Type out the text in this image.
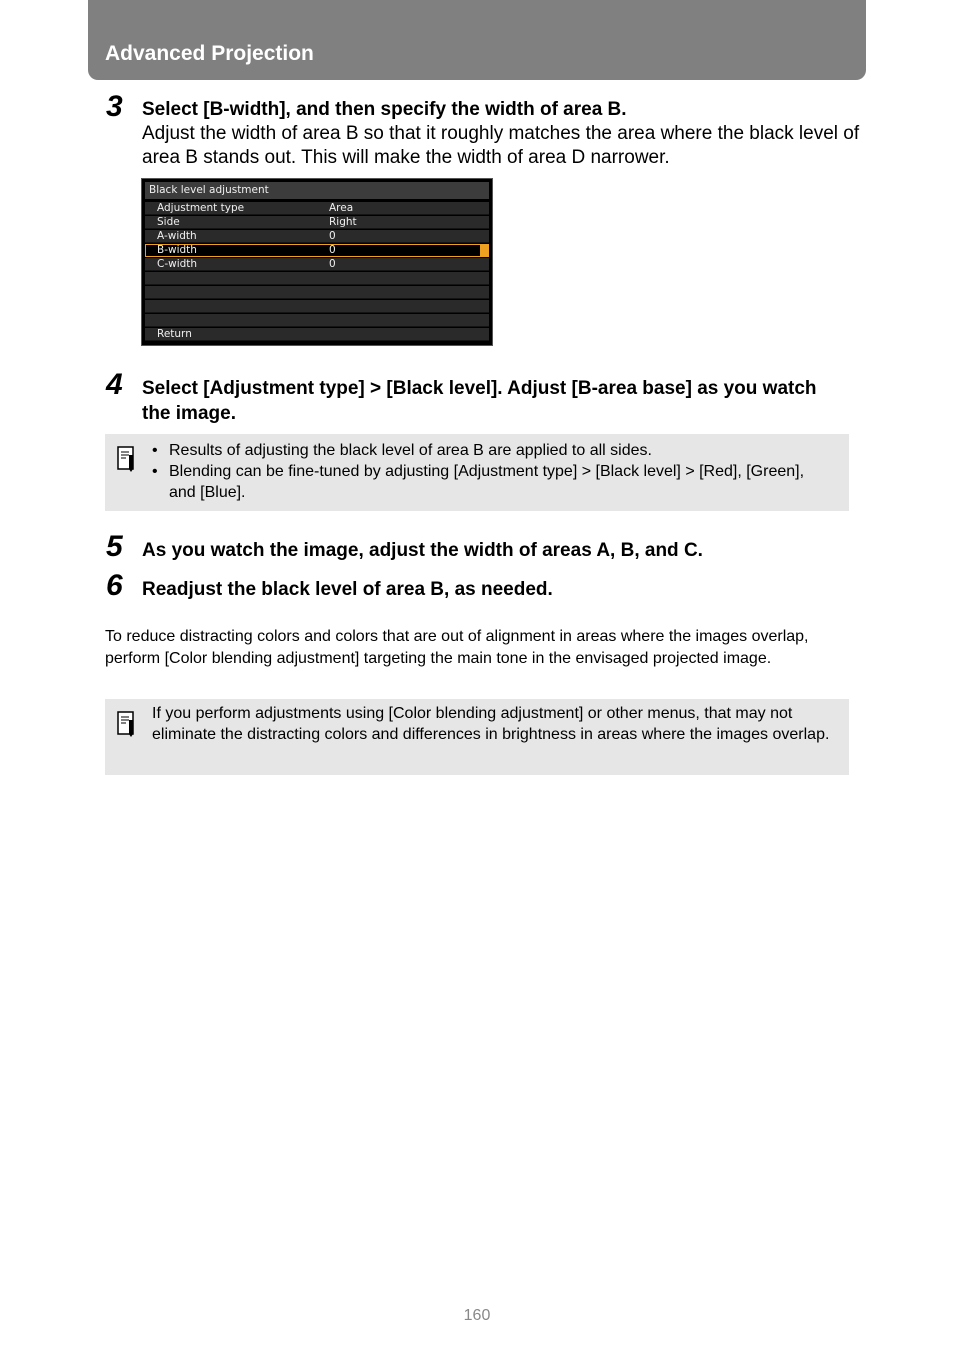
Advanced Projection
3 Select [B-width], and then specify the width of area B.
Adjust the width of area B so that it roughly matches the area where the black level of area B stands out. This will make the width of area D narrower.
Black level adjustment
Adjustment type	Area
Side	Right
A-width	0
B-width	0
C-width	0
Return
4 Select [Adjustment type] > [Black level]. Adjust [B-area base] as you watch the image.
• Results of adjusting the black level of area B are applied to all sides.
• Blending can be fine-tuned by adjusting [Adjustment type] > [Black level] > [Red], [Green], and [Blue].
5 As you watch the image, adjust the width of areas A, B, and C.
6 Readjust the black level of area B, as needed.
To reduce distracting colors and colors that are out of alignment in areas where the images overlap, perform [Color blending adjustment] targeting the main tone in the envisaged projected image.
If you perform adjustments using [Color blending adjustment] or other menus, that may not eliminate the distracting colors and differences in brightness in areas where the images overlap.
160
